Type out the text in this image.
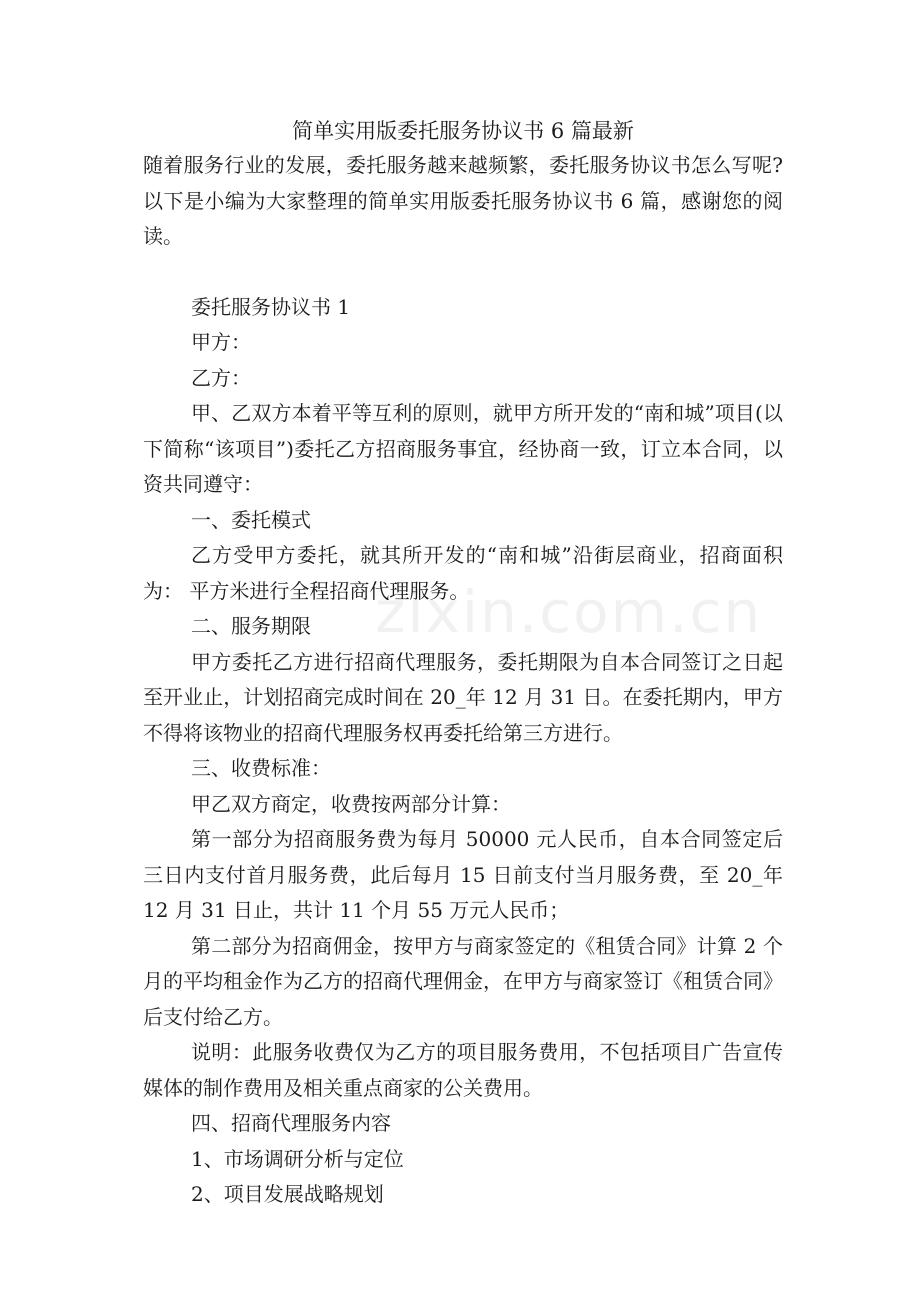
zixin.com.cn
简单实用版委托服务协议书 6 篇最新

随着服务行业的发展，委托服务越来越频繁，委托服务协议书怎么写呢?以下是小编为大家整理的简单实用版委托服务协议书 6 篇，感谢您的阅读。

委托服务协议书 1

甲方：

乙方：

甲、乙双方本着平等互利的原则，就甲方所开发的“南和城”项目(以下简称“该项目”)委托乙方招商服务事宜，经协商一致，订立本合同，以资共同遵守：

一、委托模式

乙方受甲方委托，就其所开发的“南和城”沿街层商业，招商面积为： 平方米进行全程招商代理服务。

二、服务期限

甲方委托乙方进行招商代理服务，委托期限为自本合同签订之日起至开业止，计划招商完成时间在 20_年 12 月 31 日。在委托期内，甲方不得将该物业的招商代理服务权再委托给第三方进行。

三、收费标准：

甲乙双方商定，收费按两部分计算：

第一部分为招商服务费为每月 50000 元人民币，自本合同签定后三日内支付首月服务费，此后每月 15 日前支付当月服务费，至 20_年 12 月 31 日止，共计 11 个月 55 万元人民币；

第二部分为招商佣金，按甲方与商家签定的《租赁合同》计算 2 个月的平均租金作为乙方的招商代理佣金，在甲方与商家签订《租赁合同》后支付给乙方。

说明：此服务收费仅为乙方的项目服务费用，不包括项目广告宣传媒体的制作费用及相关重点商家的公关费用。

四、招商代理服务内容

1、市场调研分析与定位

2、项目发展战略规划
